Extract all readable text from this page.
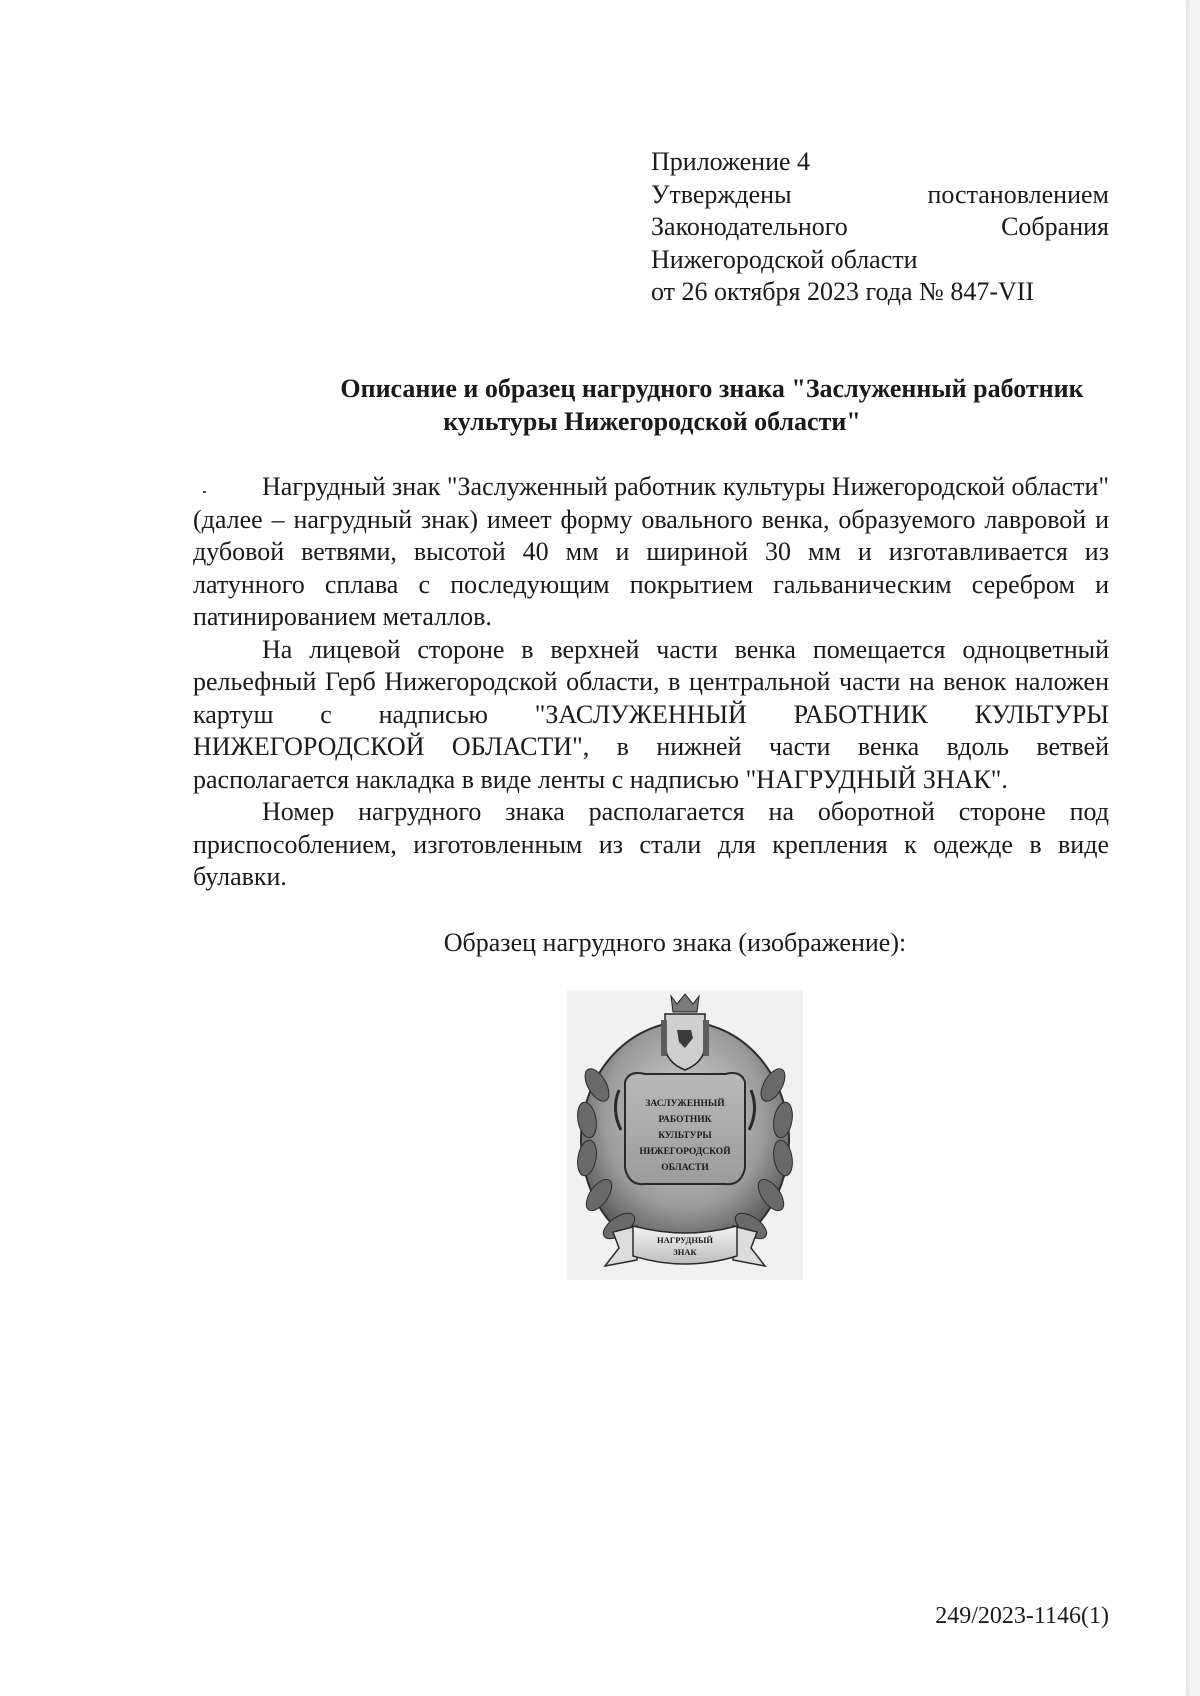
Приложение 4
Утверждены	постановлением
Законодательного	Собрания
Нижегородской области
от 26 октября 2023 года № 847-VII
Описание и образец нагрудного знака "Заслуженный работник
культуры Нижегородской области"

Нагрудный знак "Заслуженный работник культуры Нижегородской области" (далее – нагрудный знак) имеет форму овального венка, образуемого лавровой и дубовой ветвями, высотой 40 мм и шириной 30 мм и изготавливается из латунного сплава с последующим покрытием гальваническим серебром и патинированием металлов.

На лицевой стороне в верхней части венка помещается одноцветный рельефный Герб Нижегородской области, в центральной части на венок наложен картуш с надписью "ЗАСЛУЖЕННЫЙ РАБОТНИК КУЛЬТУРЫ НИЖЕГОРОДСКОЙ ОБЛАСТИ", в нижней части венка вдоль ветвей располагается накладка в виде ленты с надписью "НАГРУДНЫЙ ЗНАК".

Номер нагрудного знака располагается на оборотной стороне под приспособлением, изготовленным из стали для крепления к одежде в виде булавки.

Образец нагрудного знака (изображение):
ЗАСЛУЖЕННЫЙ
РАБОТНИК
КУЛЬТУРЫ
НИЖЕГОРОДСКОЙ
ОБЛАСТИ
НАГРУДНЫЙ
ЗНАК
249/2023-1146(1)
